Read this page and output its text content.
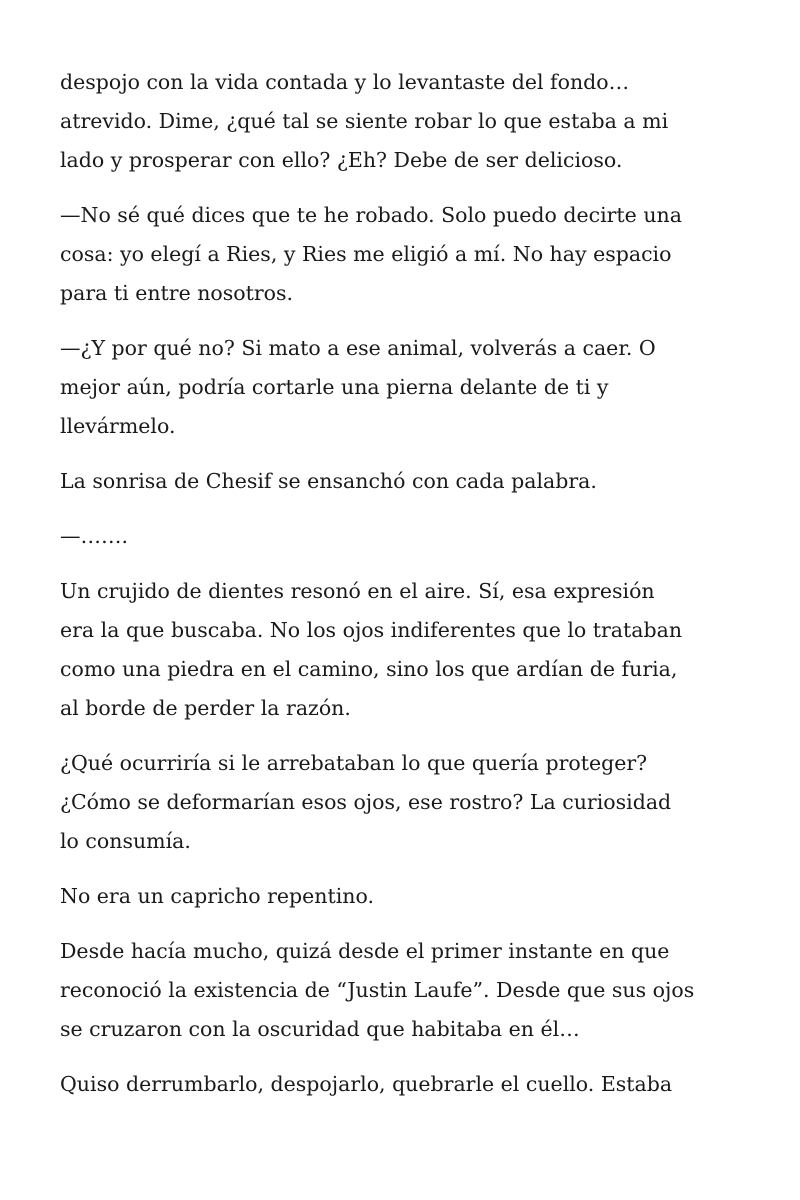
despojo con la vida contada y lo levantaste del fondo…
atrevido. Dime, ¿qué tal se siente robar lo que estaba a mi
lado y prosperar con ello? ¿Eh? Debe de ser delicioso.

—No sé qué dices que te he robado. Solo puedo decirte una
cosa: yo elegí a Ries, y Ries me eligió a mí. No hay espacio
para ti entre nosotros.

—¿Y por qué no? Si mato a ese animal, volverás a caer. O
mejor aún, podría cortarle una pierna delante de ti y
llevármelo.

La sonrisa de Chesif se ensanchó con cada palabra.

—…….

Un crujido de dientes resonó en el aire. Sí, esa expresión
era la que buscaba. No los ojos indiferentes que lo trataban
como una piedra en el camino, sino los que ardían de furia,
al borde de perder la razón.

¿Qué ocurriría si le arrebataban lo que quería proteger?
¿Cómo se deformarían esos ojos, ese rostro? La curiosidad
lo consumía.

No era un capricho repentino.

Desde hacía mucho, quizá desde el primer instante en que
reconoció la existencia de “Justin Laufe”. Desde que sus ojos
se cruzaron con la oscuridad que habitaba en él…

Quiso derrumbarlo, despojarlo, quebrarle el cuello. Estaba
